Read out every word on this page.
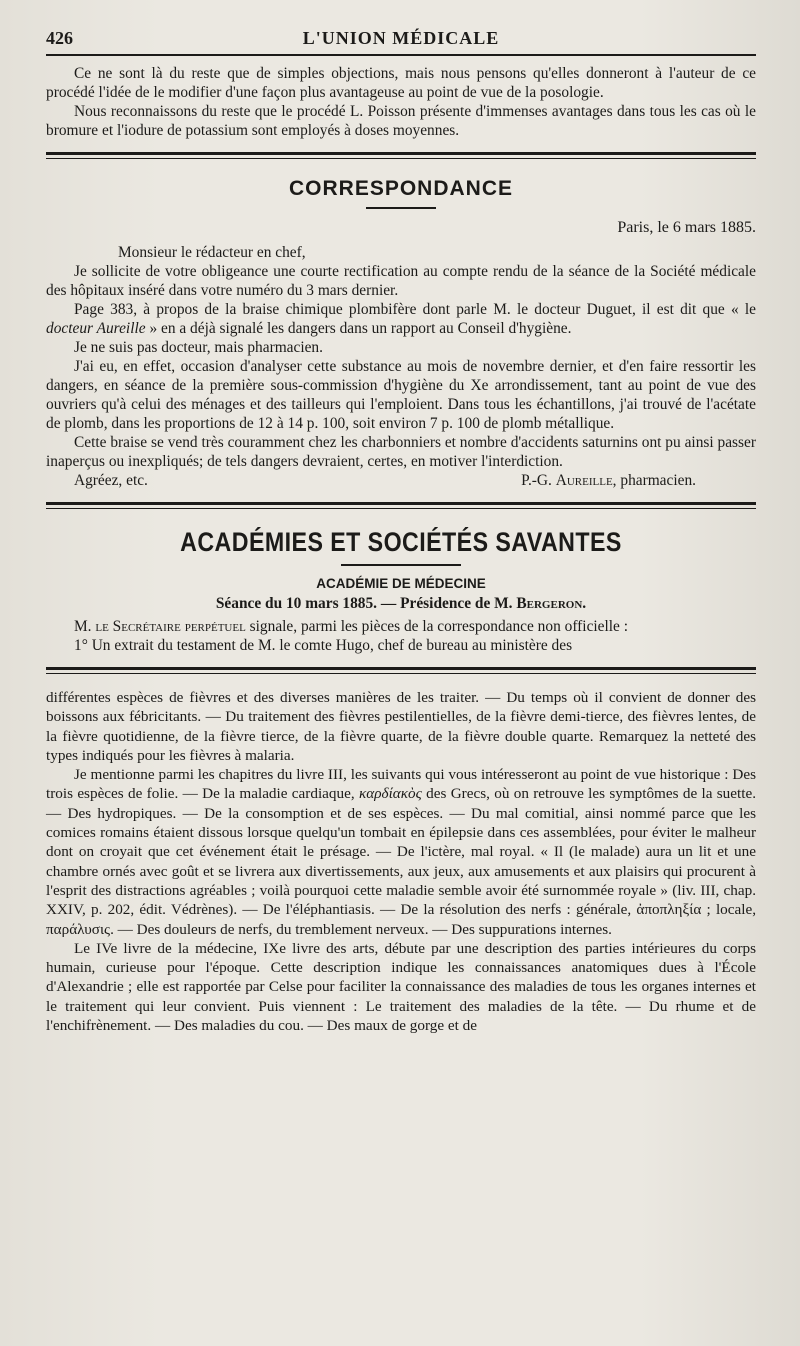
426	L'UNION MÉDICALE

Ce ne sont là du reste que de simples objections, mais nous pensons qu'elles donneront à l'auteur de ce procédé l'idée de le modifier d'une façon plus avantageuse au point de vue de la posologie.

Nous reconnaissons du reste que le procédé L. Poisson présente d'immenses avantages dans tous les cas où le bromure et l'iodure de potassium sont employés à doses moyennes.

CORRESPONDANCE
Paris, le 6 mars 1885.

Monsieur le rédacteur en chef,

Je sollicite de votre obligeance une courte rectification au compte rendu de la séance de la Société médicale des hôpitaux inséré dans votre numéro du 3 mars dernier.

Page 383, à propos de la braise chimique plombifère dont parle M. le docteur Duguet, il est dit que « le docteur Aureille » en a déjà signalé les dangers dans un rapport au Conseil d'hygiène.

Je ne suis pas docteur, mais pharmacien.

J'ai eu, en effet, occasion d'analyser cette substance au mois de novembre dernier, et d'en faire ressortir les dangers, en séance de la première sous-commission d'hygiène du Xe arrondissement, tant au point de vue des ouvriers qu'à celui des ménages et des tailleurs qui l'emploient. Dans tous les échantillons, j'ai trouvé de l'acétate de plomb, dans les proportions de 12 à 14 p. 100, soit environ 7 p. 100 de plomb métallique.

Cette braise se vend très couramment chez les charbonniers et nombre d'accidents saturnins ont pu ainsi passer inaperçus ou inexpliqués; de tels dangers devraient, certes, en motiver l'interdiction.

Agréez, etc.	P.-G. Aureille, pharmacien.
ACADÉMIES ET SOCIÉTÉS SAVANTES
ACADÉMIE DE MÉDECINE
Séance du 10 mars 1885. — Présidence de M. Bergeron.

M. le Secrétaire perpétuel signale, parmi les pièces de la correspondance non officielle :

1° Un extrait du testament de M. le comte Hugo, chef de bureau au ministère des

différentes espèces de fièvres et des diverses manières de les traiter. — Du temps où il convient de donner des boissons aux fébricitants. — Du traitement des fièvres pestilentielles, de la fièvre demi-tierce, des fièvres lentes, de la fièvre quotidienne, de la fièvre tierce, de la fièvre quarte, de la fièvre double quarte. Remarquez la netteté des types indiqués pour les fièvres à malaria.

Je mentionne parmi les chapitres du livre III, les suivants qui vous intéresseront au point de vue historique : Des trois espèces de folie. — De la maladie cardiaque, καρδίακὸς des Grecs, où on retrouve les symptômes de la suette. — Des hydropiques. — De la consomption et de ses espèces. — Du mal comitial, ainsi nommé parce que les comices romains étaient dissous lorsque quelqu'un tombait en épilepsie dans ces assemblées, pour éviter le malheur dont on croyait que cet événement était le présage. — De l'ictère, mal royal. « Il (le malade) aura un lit et une chambre ornés avec goût et se livrera aux divertissements, aux jeux, aux amusements et aux plaisirs qui procurent à l'esprit des distractions agréables ; voilà pourquoi cette maladie semble avoir été surnommée royale » (liv. III, chap. XXIV, p. 202, édit. Védrènes). — De l'éléphantiasis. — De la résolution des nerfs : générale, ἀποπληξία ; locale, παράλυσις. — Des douleurs de nerfs, du tremblement nerveux. — Des suppurations internes.

Le IVe livre de la médecine, IXe livre des arts, débute par une description des parties intérieures du corps humain, curieuse pour l'époque. Cette description indique les connaissances anatomiques dues à l'École d'Alexandrie ; elle est rapportée par Celse pour faciliter la connaissance des maladies de tous les organes internes et le traitement qui leur convient. Puis viennent : Le traitement des maladies de la tête. — Du rhume et de l'enchifrènement. — Des maladies du cou. — Des maux de gorge et de
